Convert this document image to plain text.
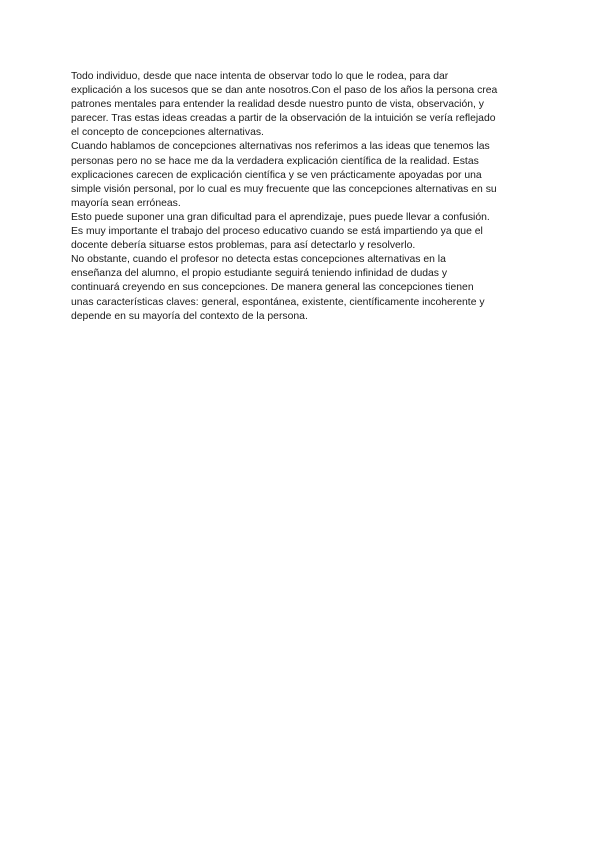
Todo individuo, desde que nace intenta de observar todo lo que le rodea, para dar
explicación a los sucesos que se dan ante nosotros.Con el paso de los años la persona crea
patrones mentales para entender la realidad desde nuestro punto de vista, observación, y
parecer. Tras estas ideas creadas a partir de la observación de la intuición se vería reflejado
el concepto de concepciones alternativas.
Cuando hablamos de concepciones alternativas nos referimos a las ideas que tenemos las
personas pero no se hace me da la verdadera explicación científica de la realidad. Estas
explicaciones carecen de explicación científica y se ven prácticamente apoyadas por una
simple visión personal, por lo cual es muy frecuente que las concepciones alternativas en su
mayoría sean erróneas.
Esto puede suponer una gran dificultad para el aprendizaje, pues puede llevar a confusión.
Es muy importante el trabajo del proceso educativo cuando se está impartiendo ya que el
docente debería situarse estos problemas, para así detectarlo y resolverlo.
No obstante, cuando el profesor no detecta estas concepciones alternativas en la
enseñanza del alumno, el propio estudiante seguirá teniendo infinidad de dudas y
continuará creyendo en sus concepciones. De manera general las concepciones tienen
unas características claves: general, espontánea, existente, científicamente incoherente y
depende en su mayoría del contexto de la persona.
